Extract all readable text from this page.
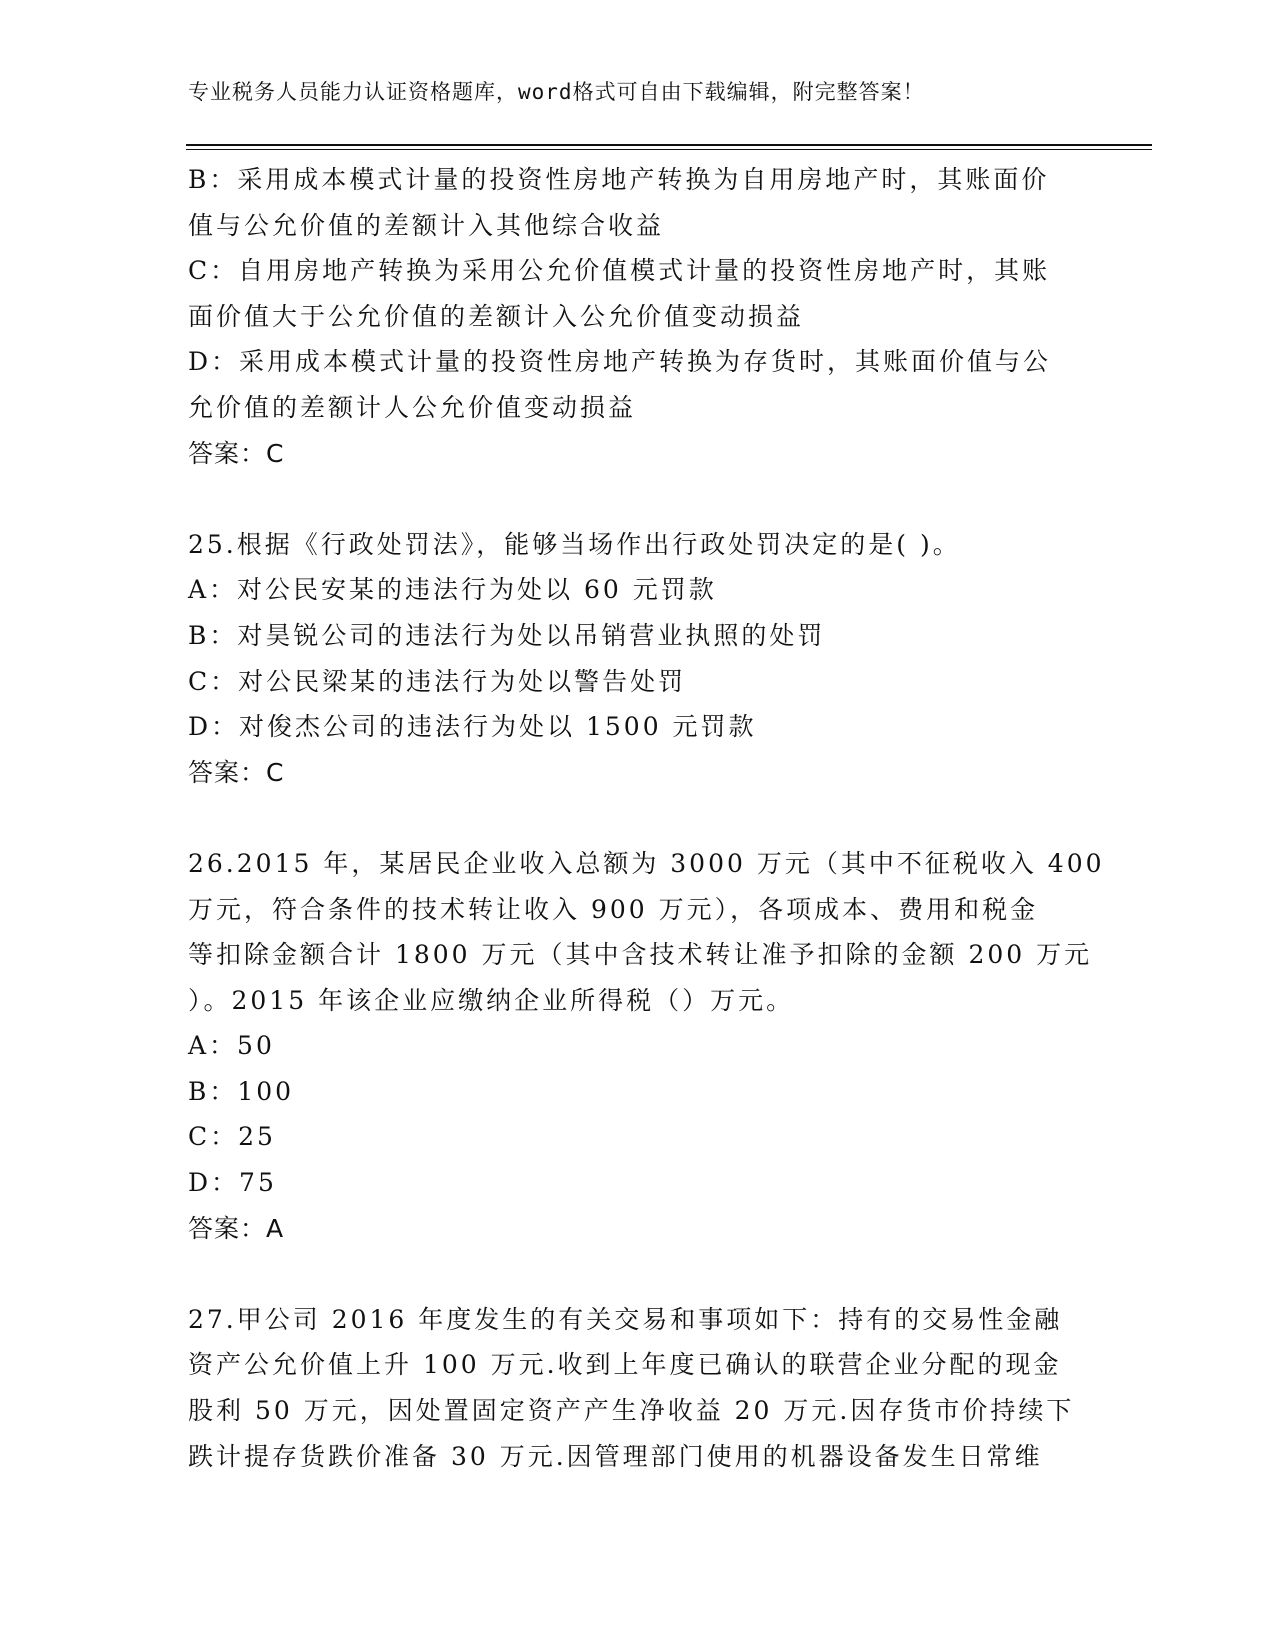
专业税务人员能力认证资格题库，word格式可自由下载编辑，附完整答案！
B：采用成本模式计量的投资性房地产转换为自用房地产时，其账面价
值与公允价值的差额计入其他综合收益
C：自用房地产转换为采用公允价值模式计量的投资性房地产时，其账
面价值大于公允价值的差额计入公允价值变动损益
D：采用成本模式计量的投资性房地产转换为存货时，其账面价值与公
允价值的差额计人公允价值变动损益
答案：C
25.根据《行政处罚法》，能够当场作出行政处罚决定的是( )。
A：对公民安某的违法行为处以 60 元罚款
B：对昊锐公司的违法行为处以吊销营业执照的处罚
C：对公民梁某的违法行为处以警告处罚
D：对俊杰公司的违法行为处以 1500 元罚款
答案：C
26.2015 年，某居民企业收入总额为 3000 万元（其中不征税收入 400
万元，符合条件的技术转让收入 900 万元），各项成本、费用和税金
等扣除金额合计 1800 万元（其中含技术转让准予扣除的金额 200 万元
）。2015 年该企业应缴纳企业所得税（）万元。
A：50
B：100
C：25
D：75
答案：A
27.甲公司 2016 年度发生的有关交易和事项如下：持有的交易性金融
资产公允价值上升 100 万元.收到上年度已确认的联营企业分配的现金
股利 50 万元，因处置固定资产产生净收益 20 万元.因存货市价持续下
跌计提存货跌价准备 30 万元.因管理部门使用的机器设备发生日常维
